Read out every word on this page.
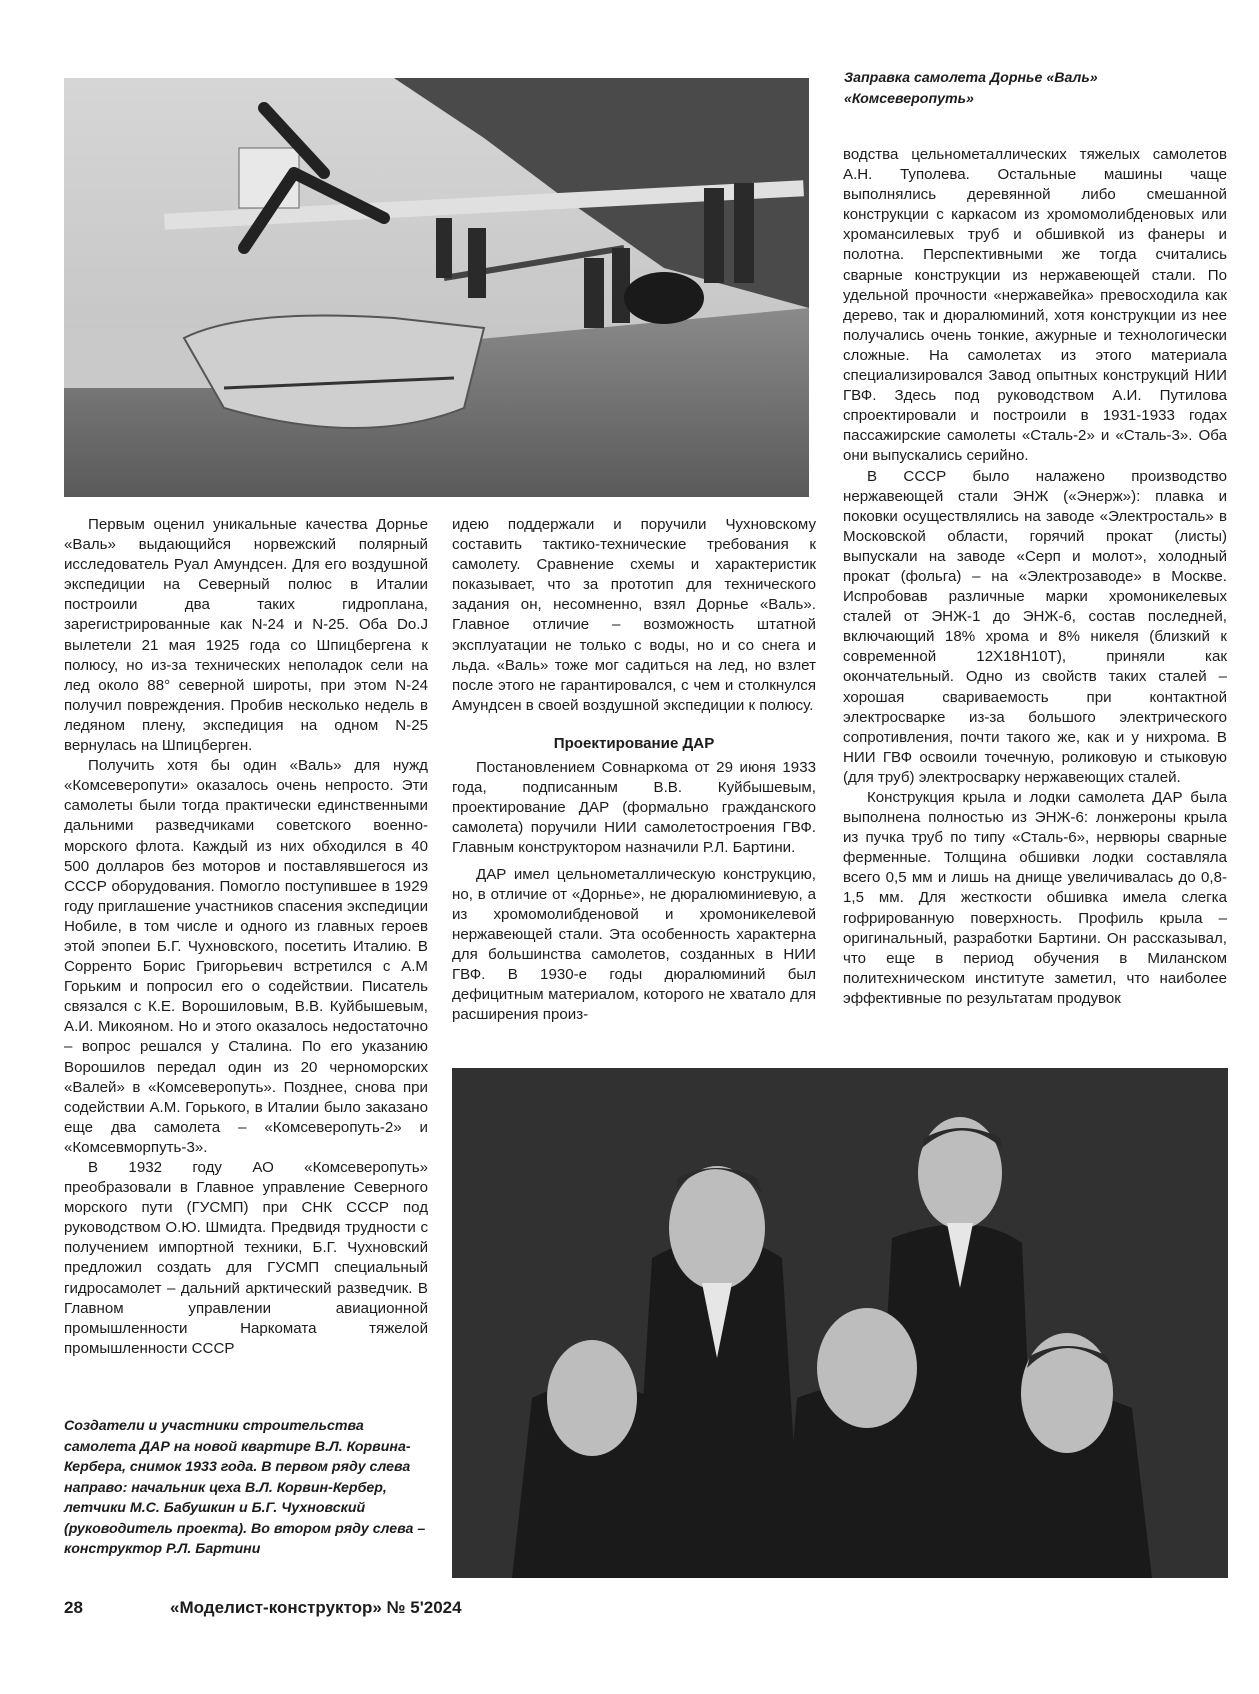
Заправка самолета Дорнье «Валь» «Комсеверопуть»

Первым оценил уникальные качества Дорнье «Валь» выдающийся норвежский полярный исследователь Руал Амундсен. Для его воздушной экспедиции на Северный полюс в Италии построили два таких гидроплана, зарегистрированные как N-24 и N-25. Оба Do.J вылетели 21 мая 1925 года со Шпицбергена к полюсу, но из-за технических неполадок сели на лед около 88° северной широты, при этом N-24 получил повреждения. Пробив несколько недель в ледяном плену, экспедиция на одном N-25 вернулась на Шпицберген.

Получить хотя бы один «Валь» для нужд «Комсеверопути» оказалось очень непросто. Эти самолеты были тогда практически единственными дальними разведчиками советского военно-морского флота. Каждый из них обходился в 40 500 долларов без моторов и поставлявшегося из СССР оборудования. Помогло поступившее в 1929 году приглашение участников спасения экспедиции Нобиле, в том числе и одного из главных героев этой эпопеи Б.Г. Чухновского, посетить Италию. В Сорренто Борис Григорьевич встретился с А.М Горьким и попросил его о содействии. Писатель связался с К.Е. Ворошиловым, В.В. Куйбышевым, А.И. Микояном. Но и этого оказалось недостаточно – вопрос решался у Сталина. По его указанию Ворошилов передал один из 20 черноморских «Валей» в «Комсеверопуть». Позднее, снова при содействии А.М. Горького, в Италии было заказано еще два самолета – «Комсеверопуть-2» и «Комсевморпуть-3».

В 1932 году АО «Комсеверопуть» преобразовали в Главное управление Северного морского пути (ГУСМП) при СНК СССР под руководством О.Ю. Шмидта. Предвидя трудности с получением импортной техники, Б.Г. Чухновский предложил создать для ГУСМП специальный гидросамолет – дальний арктический разведчик. В Главном управлении авиационной промышленности Наркомата тяжелой промышленности СССР

идею поддержали и поручили Чухновскому составить тактико-технические требования к самолету. Сравнение схемы и характеристик показывает, что за прототип для технического задания он, несомненно, взял Дорнье «Валь». Главное отличие – возможность штатной эксплуатации не только с воды, но и со снега и льда. «Валь» тоже мог садиться на лед, но взлет после этого не гарантировался, с чем и столкнулся Амундсен в своей воздушной экспедиции к полюсу.

Проектирование ДАР

Постановлением Совнаркома от 29 июня 1933 года, подписанным В.В. Куйбышевым, проектирование ДАР (формально гражданского самолета) поручили НИИ самолетостроения ГВФ. Главным конструктором назначили Р.Л. Бартини.

ДАР имел цельнометаллическую конструкцию, но, в отличие от «Дорнье», не дюралюминиевую, а из хромомолибденовой и хромоникелевой нержавеющей стали. Эта особенность характерна для большинства самолетов, созданных в НИИ ГВФ. В 1930-е годы дюралюминий был дефицитным материалом, которого не хватало для расширения произ-

водства цельнометаллических тяжелых самолетов А.Н. Туполева. Остальные машины чаще выполнялись деревянной либо смешанной конструкции с каркасом из хромомолибденовых или хромансилевых труб и обшивкой из фанеры и полотна. Перспективными же тогда считались сварные конструкции из нержавеющей стали. По удельной прочности «нержавейка» превосходила как дерево, так и дюралюминий, хотя конструкции из нее получались очень тонкие, ажурные и технологически сложные. На самолетах из этого материала специализировался Завод опытных конструкций НИИ ГВФ. Здесь под руководством А.И. Путилова спроектировали и построили в 1931-1933 годах пассажирские самолеты «Сталь-2» и «Сталь-3». Оба они выпускались серийно.

В СССР было налажено производство нержавеющей стали ЭНЖ («Энерж»): плавка и поковки осуществлялись на заводе «Электросталь» в Московской области, горячий прокат (листы) выпускали на заводе «Серп и молот», холодный прокат (фольга) – на «Электрозаводе» в Москве. Испробовав различные марки хромоникелевых сталей от ЭНЖ-1 до ЭНЖ-6, состав последней, включающий 18% хрома и 8% никеля (близкий к современной 12Х18Н10Т), приняли как окончательный. Одно из свойств таких сталей – хорошая свариваемость при контактной электросварке из-за большого электрического сопротивления, почти такого же, как и у нихрома. В НИИ ГВФ освоили точечную, роликовую и стыковую (для труб) электросварку нержавеющих сталей.

Конструкция крыла и лодки самолета ДАР была выполнена полностью из ЭНЖ-6: лонжероны крыла из пучка труб по типу «Сталь-6», нервюры сварные ферменные. Толщина обшивки лодки составляла всего 0,5 мм и лишь на днище увеличивалась до 0,8-1,5 мм. Для жесткости обшивка имела слегка гофрированную поверхность. Профиль крыла – оригинальный, разработки Бартини. Он рассказывал, что еще в период обучения в Миланском политехническом институте заметил, что наиболее эффективные по результатам продувок

Создатели и участники строительства самолета ДАР на новой квартире В.Л. Корвина-Кербера, снимок 1933 года. В первом ряду слева направо: начальник цеха В.Л. Корвин-Кербер, летчики М.С. Бабушкин и Б.Г. Чухновский (руководитель проекта). Во втором ряду слева – конструктор Р.Л. Бартини
28	«Моделист-конструктор» № 5'2024
